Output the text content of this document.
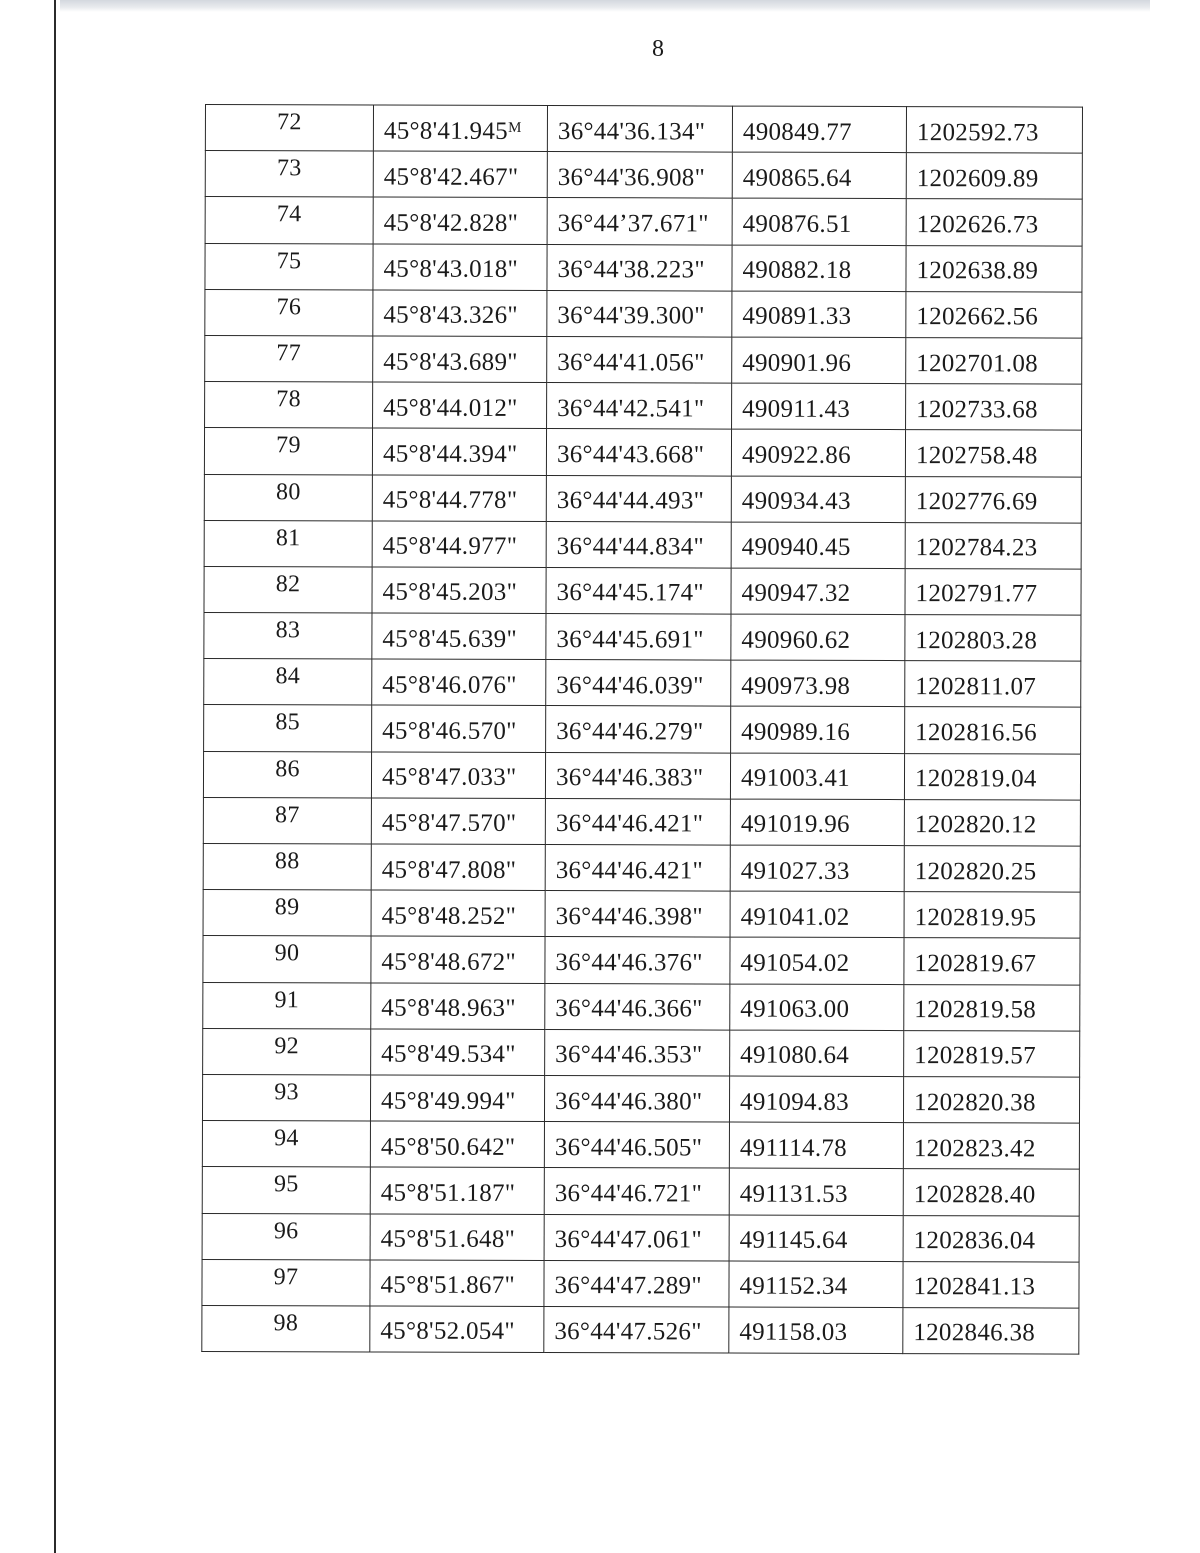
8
72	45°8'41.945ᴹ	36°44'36.134"	490849.77	1202592.73
73	45°8'42.467"	36°44'36.908"	490865.64	1202609.89
74	45°8'42.828"	36°44’37.671"	490876.51	1202626.73
75	45°8'43.018"	36°44'38.223"	490882.18	1202638.89
76	45°8'43.326"	36°44'39.300"	490891.33	1202662.56
77	45°8'43.689"	36°44'41.056"	490901.96	1202701.08
78	45°8'44.012"	36°44'42.541"	490911.43	1202733.68
79	45°8'44.394"	36°44'43.668"	490922.86	1202758.48
80	45°8'44.778"	36°44'44.493"	490934.43	1202776.69
81	45°8'44.977"	36°44'44.834"	490940.45	1202784.23
82	45°8'45.203"	36°44'45.174"	490947.32	1202791.77
83	45°8'45.639"	36°44'45.691"	490960.62	1202803.28
84	45°8'46.076"	36°44'46.039"	490973.98	1202811.07
85	45°8'46.570"	36°44'46.279"	490989.16	1202816.56
86	45°8'47.033"	36°44'46.383"	491003.41	1202819.04
87	45°8'47.570"	36°44'46.421"	491019.96	1202820.12
88	45°8'47.808"	36°44'46.421"	491027.33	1202820.25
89	45°8'48.252"	36°44'46.398"	491041.02	1202819.95
90	45°8'48.672"	36°44'46.376"	491054.02	1202819.67
91	45°8'48.963"	36°44'46.366"	491063.00	1202819.58
92	45°8'49.534"	36°44'46.353"	491080.64	1202819.57
93	45°8'49.994"	36°44'46.380"	491094.83	1202820.38
94	45°8'50.642"	36°44'46.505"	491114.78	1202823.42
95	45°8'51.187"	36°44'46.721"	491131.53	1202828.40
96	45°8'51.648"	36°44'47.061"	491145.64	1202836.04
97	45°8'51.867"	36°44'47.289"	491152.34	1202841.13
98	45°8'52.054"	36°44'47.526"	491158.03	1202846.38
